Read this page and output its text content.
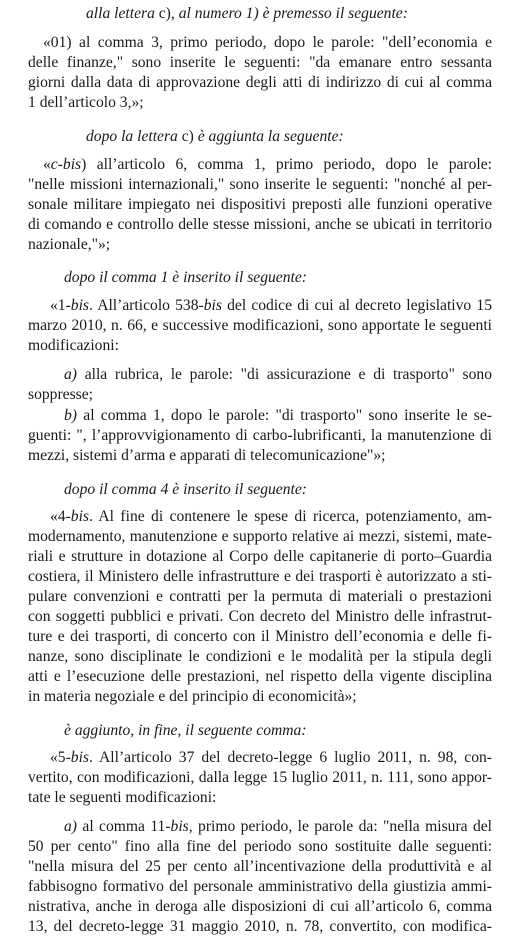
alla lettera c), al numero 1) è premesso il seguente:
«01) al comma 3, primo periodo, dopo le parole: "dell’economia e
delle finanze," sono inserite le seguenti: "da emanare entro sessanta
giorni dalla data di approvazione degli atti di indirizzo di cui al comma
1 dell’articolo 3,»;
dopo la lettera c) è aggiunta la seguente:
«c-bis) all’articolo 6, comma 1, primo periodo, dopo le parole:
"nelle missioni internazionali," sono inserite le seguenti: "nonché al per-
sonale militare impiegato nei dispositivi preposti alle funzioni operative
di comando e controllo delle stesse missioni, anche se ubicati in territorio
nazionale,"»;
dopo il comma 1 è inserito il seguente:
«1-bis. All’articolo 538-bis del codice di cui al decreto legislativo 15
marzo 2010, n. 66, e successive modificazioni, sono apportate le seguenti
modificazioni:
a) alla rubrica, le parole: "di assicurazione e di trasporto" sono
soppresse;
b) al comma 1, dopo le parole: "di trasporto" sono inserite le se-
guenti: ", l’approvvigionamento di carbo-lubrificanti, la manutenzione di
mezzi, sistemi d’arma e apparati di telecomunicazione"»;
dopo il comma 4 è inserito il seguente:
«4-bis. Al fine di contenere le spese di ricerca, potenziamento, am-
modernamento, manutenzione e supporto relative ai mezzi, sistemi, mate-
riali e strutture in dotazione al Corpo delle capitanerie di porto–Guardia
costiera, il Ministero delle infrastrutture e dei trasporti è autorizzato a sti-
pulare convenzioni e contratti per la permuta di materiali o prestazioni
con soggetti pubblici e privati. Con decreto del Ministro delle infrastrut-
ture e dei trasporti, di concerto con il Ministro dell’economia e delle fi-
nanze, sono disciplinate le condizioni e le modalità per la stipula degli
atti e l’esecuzione delle prestazioni, nel rispetto della vigente disciplina
in materia negoziale e del principio di economicità»;
è aggiunto, in fine, il seguente comma:
«5-bis. All’articolo 37 del decreto-legge 6 luglio 2011, n. 98, con-
vertito, con modificazioni, dalla legge 15 luglio 2011, n. 111, sono appor-
tate le seguenti modificazioni:
a) al comma 11-bis, primo periodo, le parole da: "nella misura del
50 per cento" fino alla fine del periodo sono sostituite dalle seguenti:
"nella misura del 25 per cento all’incentivazione della produttività e al
fabbisogno formativo del personale amministrativo della giustizia ammi-
nistrativa, anche in deroga alle disposizioni di cui all’articolo 6, comma
13, del decreto-legge 31 maggio 2010, n. 78, convertito, con modifica-
